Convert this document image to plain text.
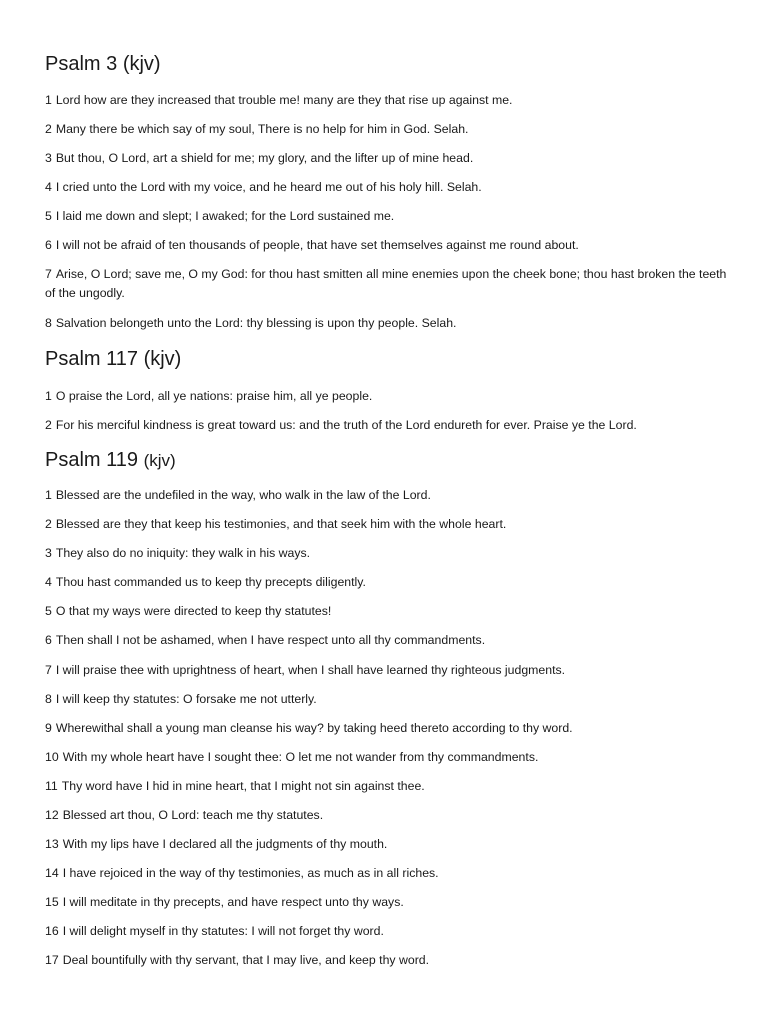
Psalm 3 (kjv)

1 Lord how are they increased that trouble me! many are they that rise up against me.

2 Many there be which say of my soul, There is no help for him in God. Selah.

3 But thou, O Lord, art a shield for me; my glory, and the lifter up of mine head.

4 I cried unto the Lord with my voice, and he heard me out of his holy hill. Selah.

5 I laid me down and slept; I awaked; for the Lord sustained me.

6 I will not be afraid of ten thousands of people, that have set themselves against me round about.

7 Arise, O Lord; save me, O my God: for thou hast smitten all mine enemies upon the cheek bone; thou hast broken the teeth of the ungodly.

8 Salvation belongeth unto the Lord: thy blessing is upon thy people. Selah.

Psalm 117 (kjv)

1 O praise the Lord, all ye nations: praise him, all ye people.

2 For his merciful kindness is great toward us: and the truth of the Lord endureth for ever. Praise ye the Lord.

Psalm 119 (kjv)

1 Blessed are the undefiled in the way, who walk in the law of the Lord.

2 Blessed are they that keep his testimonies, and that seek him with the whole heart.

3 They also do no iniquity: they walk in his ways.

4 Thou hast commanded us to keep thy precepts diligently.

5 O that my ways were directed to keep thy statutes!

6 Then shall I not be ashamed, when I have respect unto all thy commandments.

7 I will praise thee with uprightness of heart, when I shall have learned thy righteous judgments.

8 I will keep thy statutes: O forsake me not utterly.

9 Wherewithal shall a young man cleanse his way? by taking heed thereto according to thy word.

10 With my whole heart have I sought thee: O let me not wander from thy commandments.

11 Thy word have I hid in mine heart, that I might not sin against thee.

12 Blessed art thou, O Lord: teach me thy statutes.

13 With my lips have I declared all the judgments of thy mouth.

14 I have rejoiced in the way of thy testimonies, as much as in all riches.

15 I will meditate in thy precepts, and have respect unto thy ways.

16 I will delight myself in thy statutes: I will not forget thy word.

17 Deal bountifully with thy servant, that I may live, and keep thy word.
